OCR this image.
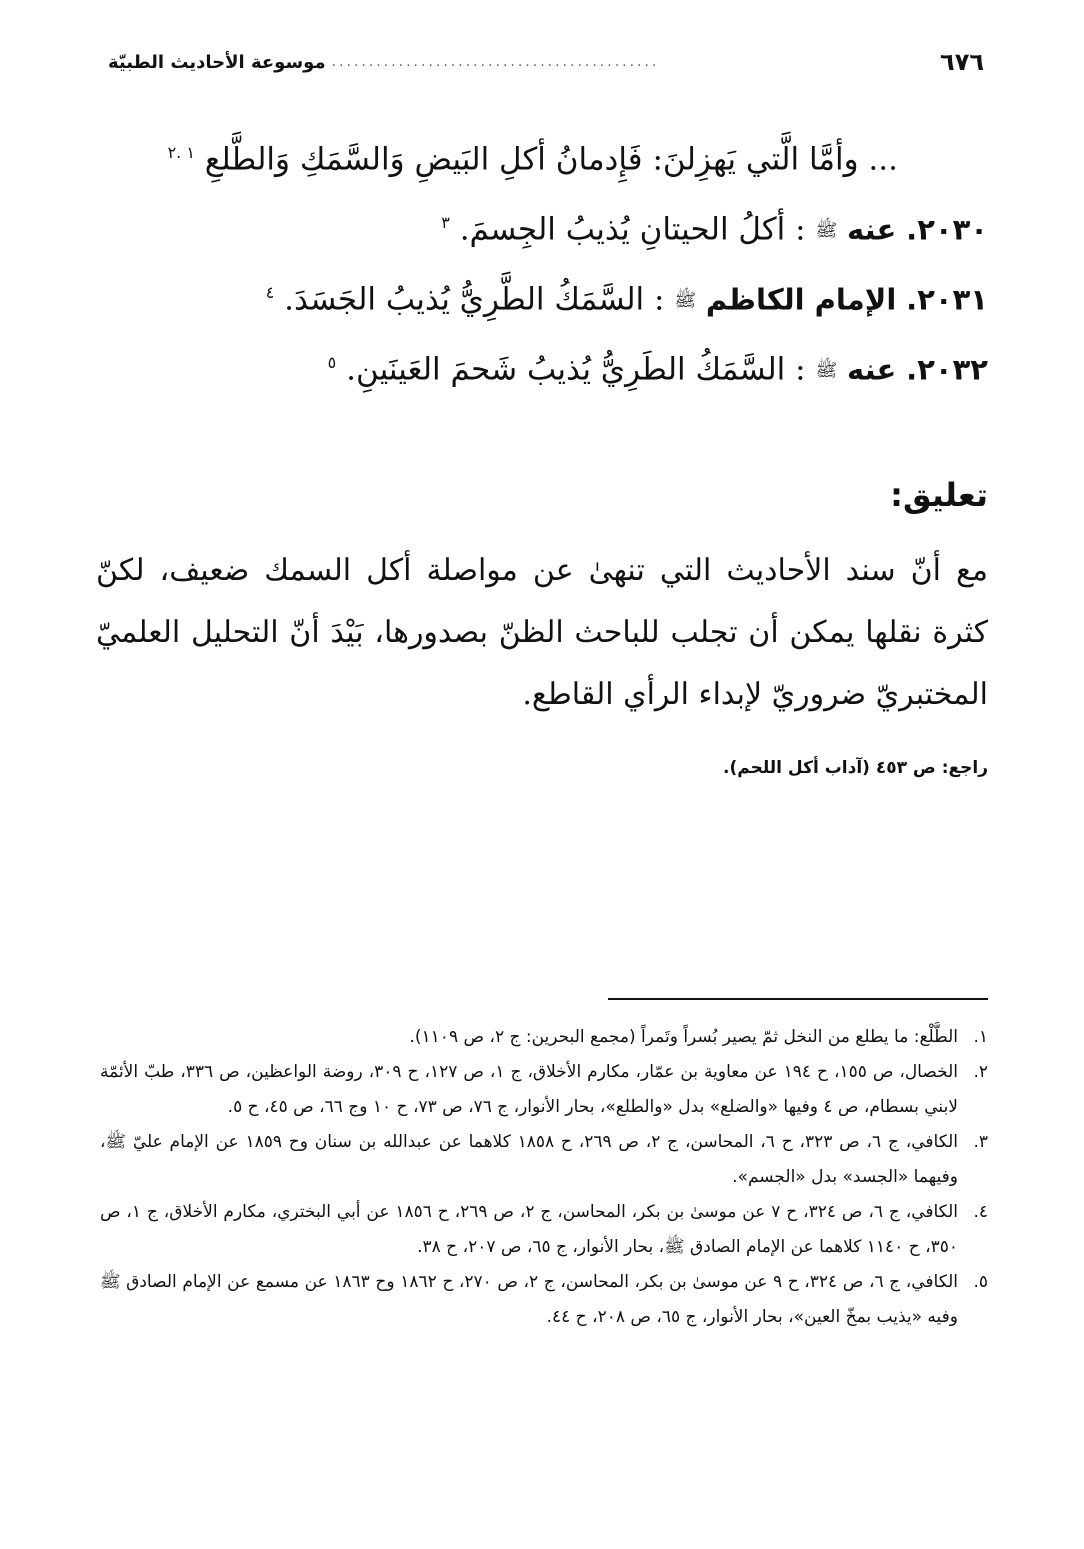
٦٧٦
............................................
موسوعة الأحاديث الطبيّة
... وأمَّا الَّتي يَهزِلنَ: فَإِدمانُ أكلِ البَيضِ وَالسَّمَكِ وَالطَّلعِ $^{١ .٢}$
٢٠٣٠. عنه ﷺ : أكلُ الحيتانِ يُذيبُ الجِسمَ. $^٣$
٢٠٣١. الإمام الكاظم ﷺ : السَّمَكُ الطَّرِيُّ يُذيبُ الجَسَدَ. $^٤$
٢٠٣٢. عنه ﷺ : السَّمَكُ الطَرِيُّ يُذيبُ شَحمَ العَينَينِ. $^٥$
تعليق:
مع أنّ سند الأحاديث التي تنهىٰ عن مواصلة أكل السمك ضعيف، لكنّ كثرة نقلها يمكن أن تجلب للباحث الظنّ بصدورها، بَيْدَ أنّ التحليل العلميّ المختبريّ ضروريّ لإبداء الرأي القاطع.
راجع: ص ٤٥٣ (آداب أكل اللحم).
١.
الطَّلْع: ما يطلع من النخل ثمّ يصير بُسراً وتَمراً (مجمع البحرين: ج ٢، ص ١١٠٩).
٢.
الخصال، ص ١٥٥، ح ١٩٤ عن معاوية بن عمّار، مكارم الأخلاق، ج ١، ص ١٢٧، ح ٣٠٩، روضة الواعظين، ص ٣٣٦، طبّ الأئمّة لابني بسطام، ص ٤ وفيها «والضلع» بدل «والطلع»، بحار الأنوار، ج ٧٦، ص ٧٣، ح ١٠ وج ٦٦، ص ٤٥، ح ٥.
٣.
الكافي، ج ٦، ص ٣٢٣، ح ٦، المحاسن، ج ٢، ص ٢٦٩، ح ١٨٥٨ كلاهما عن عبدالله بن سنان وح ١٨٥٩ عن الإمام عليّ ﷺ، وفيهما «الجسد» بدل «الجسم».
٤.
الكافي، ج ٦، ص ٣٢٤، ح ٧ عن موسىٰ بن بكر، المحاسن، ج ٢، ص ٢٦٩، ح ١٨٥٦ عن أبي البختري، مكارم الأخلاق، ج ١، ص ٣٥٠، ح ١١٤٠ كلاهما عن الإمام الصادق ﷺ، بحار الأنوار، ج ٦٥، ص ٢٠٧، ح ٣٨.
٥.
الكافي، ج ٦، ص ٣٢٤، ح ٩ عن موسىٰ بن بكر، المحاسن، ج ٢، ص ٢٧٠، ح ١٨٦٢ وح ١٨٦٣ عن مسمع عن الإمام الصادق ﷺ وفيه «يذيب بمخّ العين»، بحار الأنوار، ج ٦٥، ص ٢٠٨، ح ٤٤.
